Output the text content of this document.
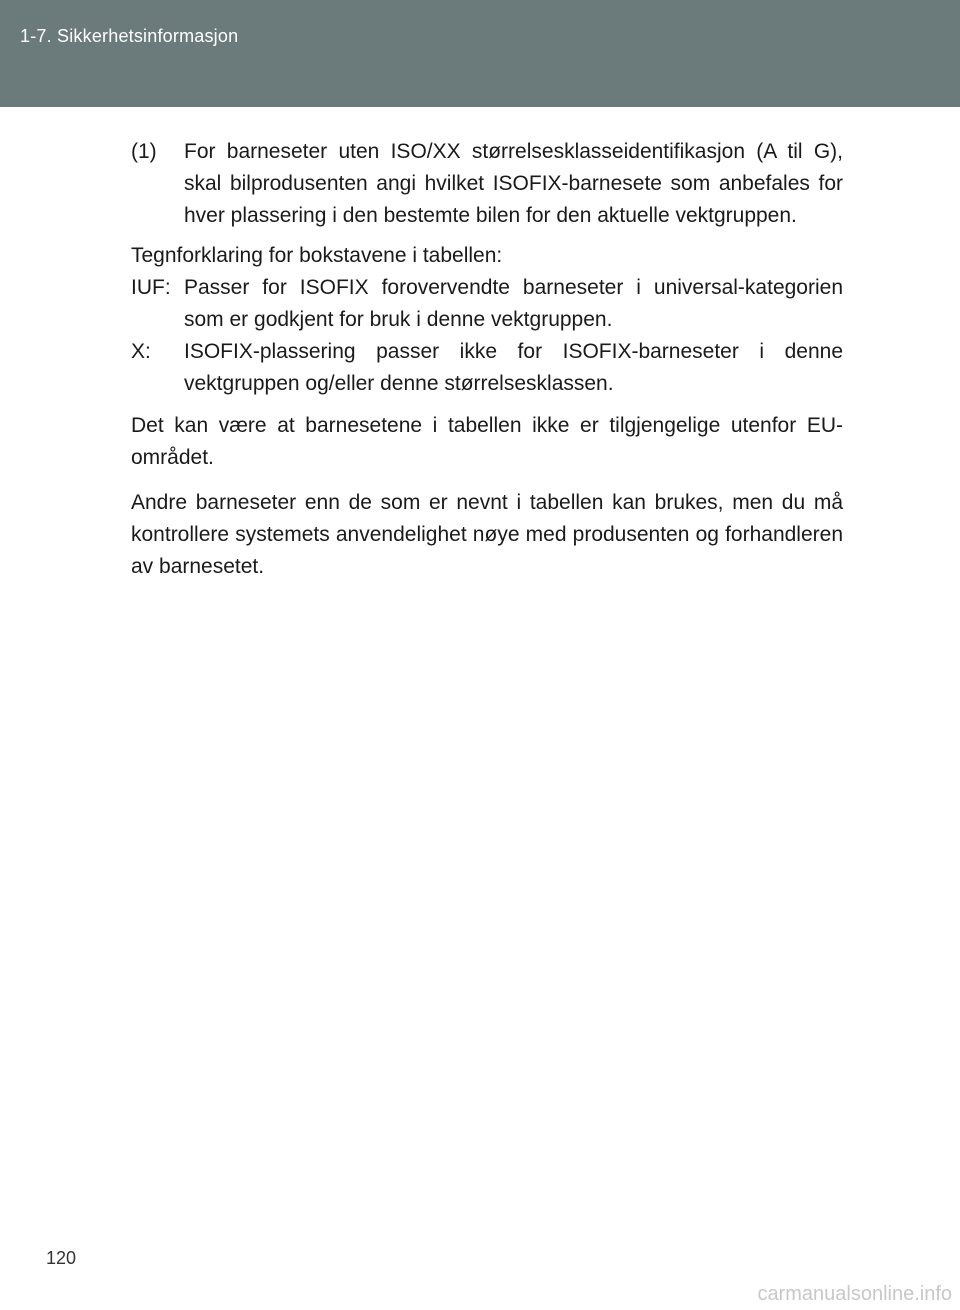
1-7. Sikkerhetsinformasjon
(1)	For barneseter uten ISO/XX størrelsesklasseidentifikasjon (A til G), skal bilprodusenten angi hvilket ISOFIX-barnesete som anbefales for hver plassering i den bestemte bilen for den aktuelle vektgruppen.

Tegnforklaring for bokstavene i tabellen:

IUF: Passer for ISOFIX forovervendte barneseter i universal-kategorien som er godkjent for bruk i denne vektgruppen.
X:	ISOFIX-plassering passer ikke for ISOFIX-barneseter i denne vektgruppen og/eller denne størrelsesklassen.

Det kan være at barnesetene i tabellen ikke er tilgjengelige utenfor EU-området.

Andre barneseter enn de som er nevnt i tabellen kan brukes, men du må kontrollere systemets anvendelighet nøye med produsenten og forhandleren av barnesetet.

120
carmanualsonline.info
